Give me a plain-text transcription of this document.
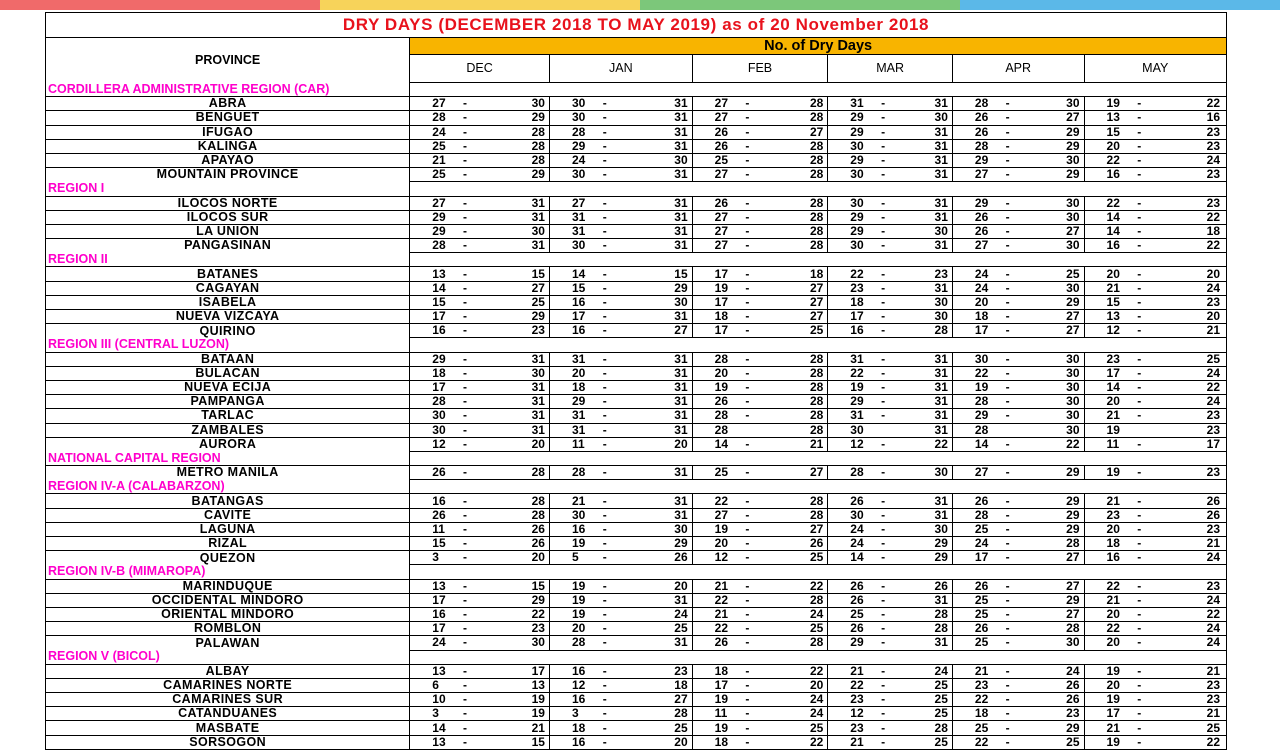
DRY DAYS (DECEMBER 2018 TO MAY 2019) as of 20 November 2018
PROVINCE	No. of Dry Days																	
	DEC			JAN			FEB			MAR			APR			MAY		
CORDILLERA ADMINISTRATIVE REGION (CAR)																		
ABRA	27	-	30	30	-	31	27	-	28	31	-	31	28	-	30	19	-	22
BENGUET	28	-	29	30	-	31	27	-	28	29	-	30	26	-	27	13	-	16
IFUGAO	24	-	28	28	-	31	26	-	27	29	-	31	26	-	29	15	-	23
KALINGA	25	-	28	29	-	31	26	-	28	30	-	31	28	-	29	20	-	23
APAYAO	21	-	28	24	-	30	25	-	28	29	-	31	29	-	30	22	-	24
MOUNTAIN PROVINCE	25	-	29	30	-	31	27	-	28	30	-	31	27	-	29	16	-	23
REGION I																		
ILOCOS NORTE	27	-	31	27	-	31	26	-	28	30	-	31	29	-	30	22	-	23
ILOCOS SUR	29	-	31	31	-	31	27	-	28	29	-	31	26	-	30	14	-	22
LA UNION	29	-	30	31	-	31	27	-	28	29	-	30	26	-	27	14	-	18
PANGASINAN	28	-	31	30	-	31	27	-	28	30	-	31	27	-	30	16	-	22
REGION II																		
BATANES	13	-	15	14	-	15	17	-	18	22	-	23	24	-	25	20	-	20
CAGAYAN	14	-	27	15	-	29	19	-	27	23	-	31	24	-	30	21	-	24
ISABELA	15	-	25	16	-	30	17	-	27	18	-	30	20	-	29	15	-	23
NUEVA VIZCAYA	17	-	29	17	-	31	18	-	27	17	-	30	18	-	27	13	-	20
QUIRINO	16	-	23	16	-	27	17	-	25	16	-	28	17	-	27	12	-	21
REGION III (CENTRAL LUZON)																		
BATAAN	29	-	31	31	-	31	28	-	28	31	-	31	30	-	30	23	-	25
BULACAN	18	-	30	20	-	31	20	-	28	22	-	31	22	-	30	17	-	24
NUEVA ECIJA	17	-	31	18	-	31	19	-	28	19	-	31	19	-	30	14	-	22
PAMPANGA	28	-	31	29	-	31	26	-	28	29	-	31	28	-	30	20	-	24
TARLAC	30	-	31	31	-	31	28	-	28	31	-	31	29	-	30	21	-	23
ZAMBALES	30	-	31	31	-	31	28		28	30		31	28		30	19		23
AURORA	12	-	20	11	-	20	14	-	21	12	-	22	14	-	22	11	-	17
NATIONAL CAPITAL REGION																		
METRO MANILA	26	-	28	28	-	31	25	-	27	28	-	30	27	-	29	19	-	23
REGION IV-A (CALABARZON)																		
BATANGAS	16	-	28	21	-	31	22	-	28	26	-	31	26	-	29	21	-	26
CAVITE	26	-	28	30	-	31	27	-	28	30	-	31	28	-	29	23	-	26
LAGUNA	11	-	26	16	-	30	19	-	27	24	-	30	25	-	29	20	-	23
RIZAL	15	-	26	19	-	29	20	-	26	24	-	29	24	-	28	18	-	21
QUEZON	3	-	20	5	-	26	12	-	25	14	-	29	17	-	27	16	-	24
REGION IV-B (MIMAROPA)																		
MARINDUQUE	13	-	15	19	-	20	21	-	22	26	-	26	26	-	27	22	-	23
OCCIDENTAL MINDORO	17	-	29	19	-	31	22	-	28	26	-	31	25	-	29	21	-	24
ORIENTAL MINDORO	16	-	22	19	-	24	21	-	24	25	-	28	25	-	27	20	-	22
ROMBLON	17	-	23	20	-	25	22	-	25	26	-	28	26	-	28	22	-	24
PALAWAN	24	-	30	28	-	31	26	-	28	29	-	31	25	-	30	20	-	24
REGION V (BICOL)																		
ALBAY	13	-	17	16	-	23	18	-	22	21	-	24	21	-	24	19	-	21
CAMARINES NORTE	6	-	13	12	-	18	17	-	20	22	-	25	23	-	26	20	-	23
CAMARINES SUR	10	-	19	16	-	27	19	-	24	23	-	25	22	-	26	19	-	23
CATANDUANES	3	-	19	3	-	28	11	-	24	12	-	25	18	-	23	17	-	21
MASBATE	14	-	21	18	-	25	19	-	25	23	-	28	25	-	29	21	-	25
SORSOGON	13	-	15	16	-	20	18	-	22	21	-	25	22	-	25	19	-	22
